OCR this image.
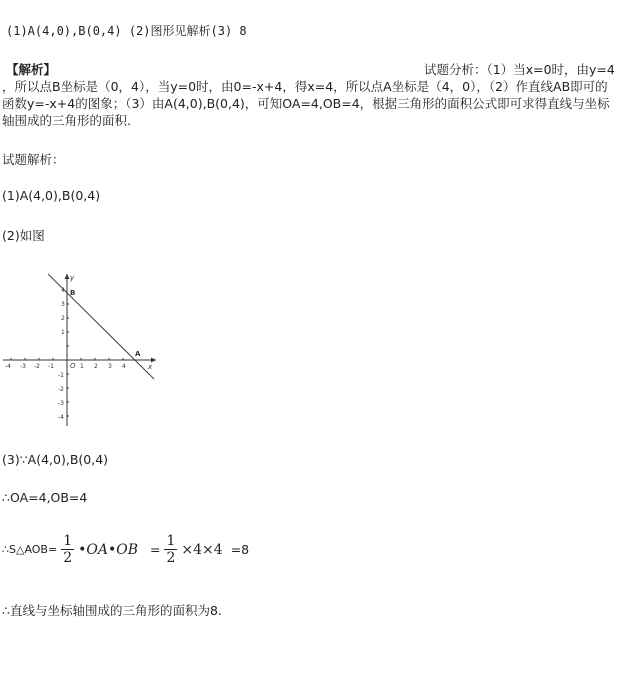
(1)A(4,0),B(0,4) (2)图形见解析(3) 8
【解析】	试题分析：（1）当x=0时，由y=4
，所以点B坐标是（0，4），当y=0时，由0=-x+4，得x=4，所以点A坐标是（4，0），（2）作直线AB即可的
函数y=-x+4的图象；（3）由A(4,0),B(0,4)，可知OA=4,OB=4，根据三角形的面积公式即可求得直线与坐标
轴围成的三角形的面积.
试题解析：
(1)A(4,0),B(0,4)
(2)如图
-4 -3 -2 -1	1 2 3 4
4
3
2
1
-1
-2
-3
-4
y
x
B
A
O
(3)∵A(4,0),B(0,4)
∴OA=4,OB=4
∴S△AOB= $\frac{1}{2}$ •OA•OB = $\frac{1}{2} \times 4\times 4 =8$
∴直线与坐标轴围成的三角形的面积为8.
